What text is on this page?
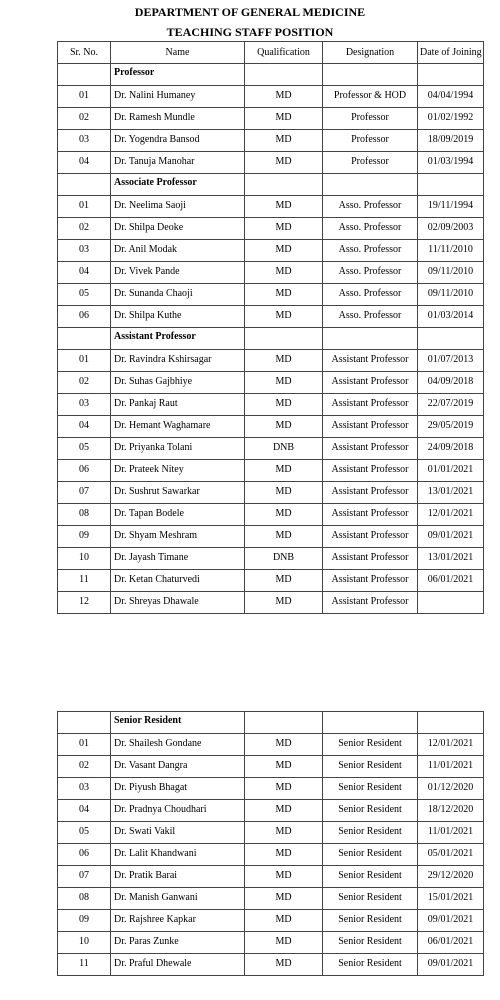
DEPARTMENT OF GENERAL MEDICINE
TEACHING STAFF POSITION
Sr. No.	Name	Qualification	Designation	Date of Joining
	Professor			
01	Dr. Nalini Humaney	MD	Professor & HOD	04/04/1994
02	Dr. Ramesh Mundle	MD	Professor	01/02/1992
03	Dr. Yogendra Bansod	MD	Professor	18/09/2019
04	Dr. Tanuja Manohar	MD	Professor	01/03/1994
	Associate Professor			
01	Dr. Neelima Saoji	MD	Asso. Professor	19/11/1994
02	Dr. Shilpa Deoke	MD	Asso. Professor	02/09/2003
03	Dr. Anil Modak	MD	Asso. Professor	11/11/2010
04	Dr. Vivek Pande	MD	Asso. Professor	09/11/2010
05	Dr. Sunanda Chaoji	MD	Asso. Professor	09/11/2010
06	Dr. Shilpa Kuthe	MD	Asso. Professor	01/03/2014
	Assistant Professor			
01	Dr. Ravindra Kshirsagar	MD	Assistant Professor	01/07/2013
02	Dr. Suhas Gajbhiye	MD	Assistant Professor	04/09/2018
03	Dr. Pankaj Raut	MD	Assistant Professor	22/07/2019
04	Dr. Hemant Waghamare	MD	Assistant Professor	29/05/2019
05	Dr. Priyanka Tolani	DNB	Assistant Professor	24/09/2018
06	Dr. Prateek Nitey	MD	Assistant Professor	01/01/2021
07	Dr. Sushrut Sawarkar	MD	Assistant Professor	13/01/2021
08	Dr. Tapan Bodele	MD	Assistant Professor	12/01/2021
09	Dr. Shyam Meshram	MD	Assistant Professor	09/01/2021
10	Dr. Jayash Timane	DNB	Assistant Professor	13/01/2021
11	Dr. Ketan Chaturvedi	MD	Assistant Professor	06/01/2021
12	Dr. Shreyas Dhawale	MD	Assistant Professor	
	Senior Resident			
01	Dr. Shailesh Gondane	MD	Senior Resident	12/01/2021
02	Dr. Vasant Dangra	MD	Senior Resident	11/01/2021
03	Dr. Piyush Bhagat	MD	Senior Resident	01/12/2020
04	Dr. Pradnya Choudhari	MD	Senior Resident	18/12/2020
05	Dr. Swati Vakil	MD	Senior Resident	11/01/2021
06	Dr. Lalit Khandwani	MD	Senior Resident	05/01/2021
07	Dr. Pratik Barai	MD	Senior Resident	29/12/2020
08	Dr. Manish Ganwani	MD	Senior Resident	15/01/2021
09	Dr. Rajshree Kapkar	MD	Senior Resident	09/01/2021
10	Dr. Paras Zunke	MD	Senior Resident	06/01/2021
11	Dr. Praful Dhewale	MD	Senior Resident	09/01/2021
